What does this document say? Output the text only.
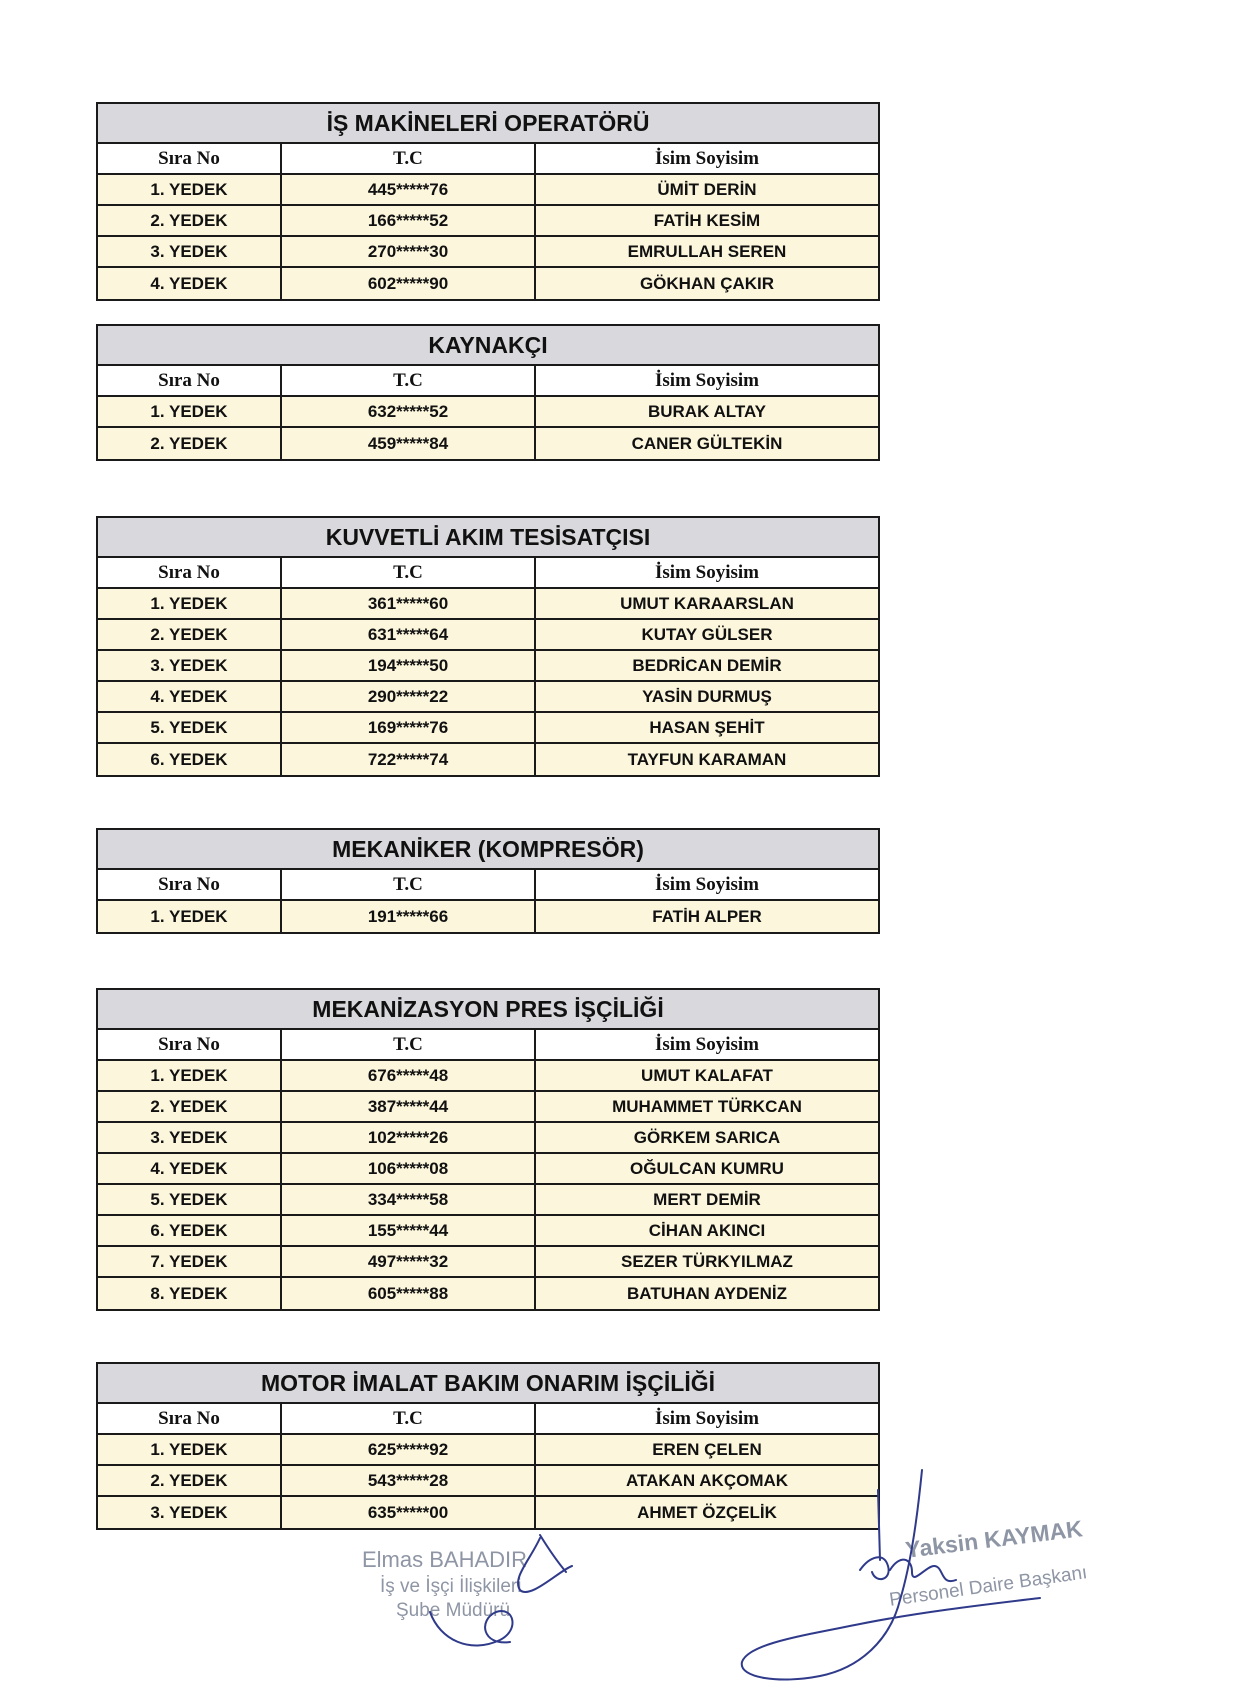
İŞ MAKİNELERİ OPERATÖRÜ
Sıra No	T.C	İsim Soyisim
1. YEDEK	445*****76	ÜMİT DERİN
2. YEDEK	166*****52	FATİH KESİM
3. YEDEK	270*****30	EMRULLAH SEREN
4. YEDEK	602*****90	GÖKHAN ÇAKIR
KAYNAKÇI
Sıra No	T.C	İsim Soyisim
1. YEDEK	632*****52	BURAK ALTAY
2. YEDEK	459*****84	CANER GÜLTEKİN
KUVVETLİ AKIM TESİSATÇISI
Sıra No	T.C	İsim Soyisim
1. YEDEK	361*****60	UMUT KARAARSLAN
2. YEDEK	631*****64	KUTAY GÜLSER
3. YEDEK	194*****50	BEDRİCAN DEMİR
4. YEDEK	290*****22	YASİN DURMUŞ
5. YEDEK	169*****76	HASAN ŞEHİT
6. YEDEK	722*****74	TAYFUN KARAMAN
MEKANİKER (KOMPRESÖR)
Sıra No	T.C	İsim Soyisim
1. YEDEK	191*****66	FATİH ALPER
MEKANİZASYON PRES İŞÇİLİĞİ
Sıra No	T.C	İsim Soyisim
1. YEDEK	676*****48	UMUT KALAFAT
2. YEDEK	387*****44	MUHAMMET TÜRKCAN
3. YEDEK	102*****26	GÖRKEM SARICA
4. YEDEK	106*****08	OĞULCAN KUMRU
5. YEDEK	334*****58	MERT DEMİR
6. YEDEK	155*****44	CİHAN AKINCI
7. YEDEK	497*****32	SEZER TÜRKYILMAZ
8. YEDEK	605*****88	BATUHAN AYDENİZ
MOTOR İMALAT BAKIM ONARIM İŞÇİLİĞİ
Sıra No	T.C	İsim Soyisim
1. YEDEK	625*****92	EREN ÇELEN
2. YEDEK	543*****28	ATAKAN AKÇOMAK
3. YEDEK	635*****00	AHMET ÖZÇELİK
Elmas BAHADIR
İş ve İşçi İlişkileri
Şube Müdürü
Yaksin KAYMAK
Personel Daire Başkanı
